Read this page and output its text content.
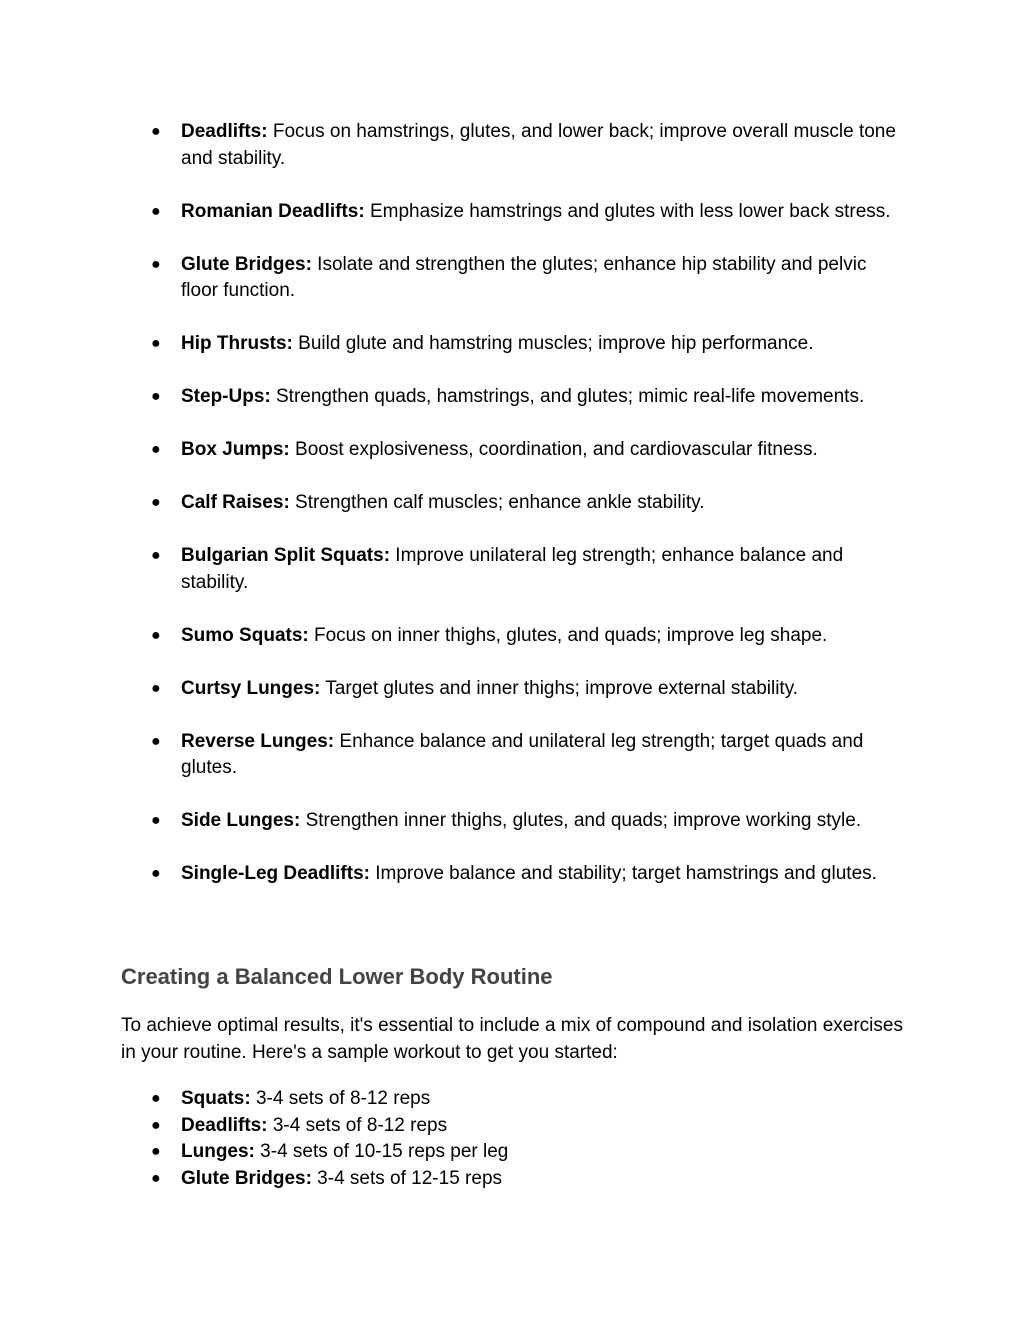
● Deadlifts: Focus on hamstrings, glutes, and lower back; improve overall muscle tone and stability.
● Romanian Deadlifts: Emphasize hamstrings and glutes with less lower back stress.
● Glute Bridges: Isolate and strengthen the glutes; enhance hip stability and pelvic floor function.
● Hip Thrusts: Build glute and hamstring muscles; improve hip performance.
● Step-Ups: Strengthen quads, hamstrings, and glutes; mimic real-life movements.
● Box Jumps: Boost explosiveness, coordination, and cardiovascular fitness.
● Calf Raises: Strengthen calf muscles; enhance ankle stability.
● Bulgarian Split Squats: Improve unilateral leg strength; enhance balance and stability.
● Sumo Squats: Focus on inner thighs, glutes, and quads; improve leg shape.
● Curtsy Lunges: Target glutes and inner thighs; improve external stability.
● Reverse Lunges: Enhance balance and unilateral leg strength; target quads and glutes.
● Side Lunges: Strengthen inner thighs, glutes, and quads; improve working style.
● Single-Leg Deadlifts: Improve balance and stability; target hamstrings and glutes.
Creating a Balanced Lower Body Routine

To achieve optimal results, it's essential to include a mix of compound and isolation exercises in your routine. Here's a sample workout to get you started:

● Squats: 3-4 sets of 8-12 reps
● Deadlifts: 3-4 sets of 8-12 reps
● Lunges: 3-4 sets of 10-15 reps per leg
● Glute Bridges: 3-4 sets of 12-15 reps
